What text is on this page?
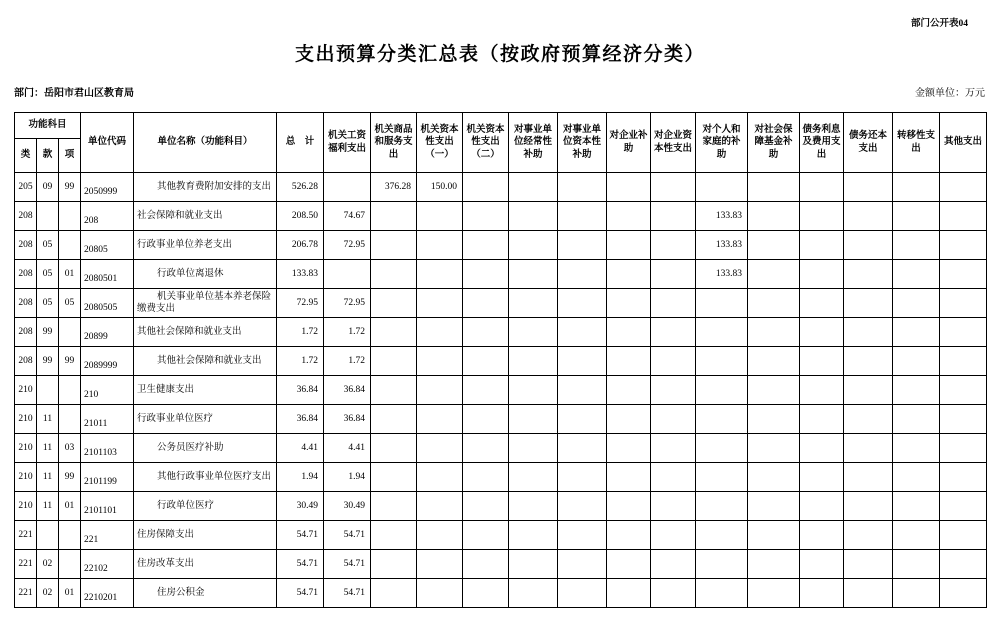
部门公开表04
支出预算分类汇总表（按政府预算经济分类）
部门：岳阳市君山区教育局	金额单位：万元
功能科目			单位代码	单位名称（功能科目）	总　计	机关工资福利支出	机关商品和服务支出	机关资本性支出（一）	机关资本性支出（二）	对事业单位经常性补助	对事业单位资本性补助	对企业补助	对企业资本性支出	对个人和家庭的补助	对社会保障基金补助	债务利息及费用支出	债务还本支出	转移性支出	其他支出
类	款	项																	
205	09	99	2050999	其他教育费附加安排的支出	526.28		376.28	150.00											
208			208	社会保障和就业支出	208.50	74.67								133.83					
208	05		20805	行政事业单位养老支出	206.78	72.95								133.83					
208	05	01	2080501	行政单位离退休	133.83									133.83					
208	05	05	2080505	机关事业单位基本养老保险缴费支出	72.95	72.95													
208	99		20899	其他社会保障和就业支出	1.72	1.72													
208	99	99	2089999	其他社会保障和就业支出	1.72	1.72													
210			210	卫生健康支出	36.84	36.84													
210	11		21011	行政事业单位医疗	36.84	36.84													
210	11	03	2101103	公务员医疗补助	4.41	4.41													
210	11	99	2101199	其他行政事业单位医疗支出	1.94	1.94													
210	11	01	2101101	行政单位医疗	30.49	30.49													
221			221	住房保障支出	54.71	54.71													
221	02		22102	住房改革支出	54.71	54.71													
221	02	01	2210201	住房公积金	54.71	54.71													
